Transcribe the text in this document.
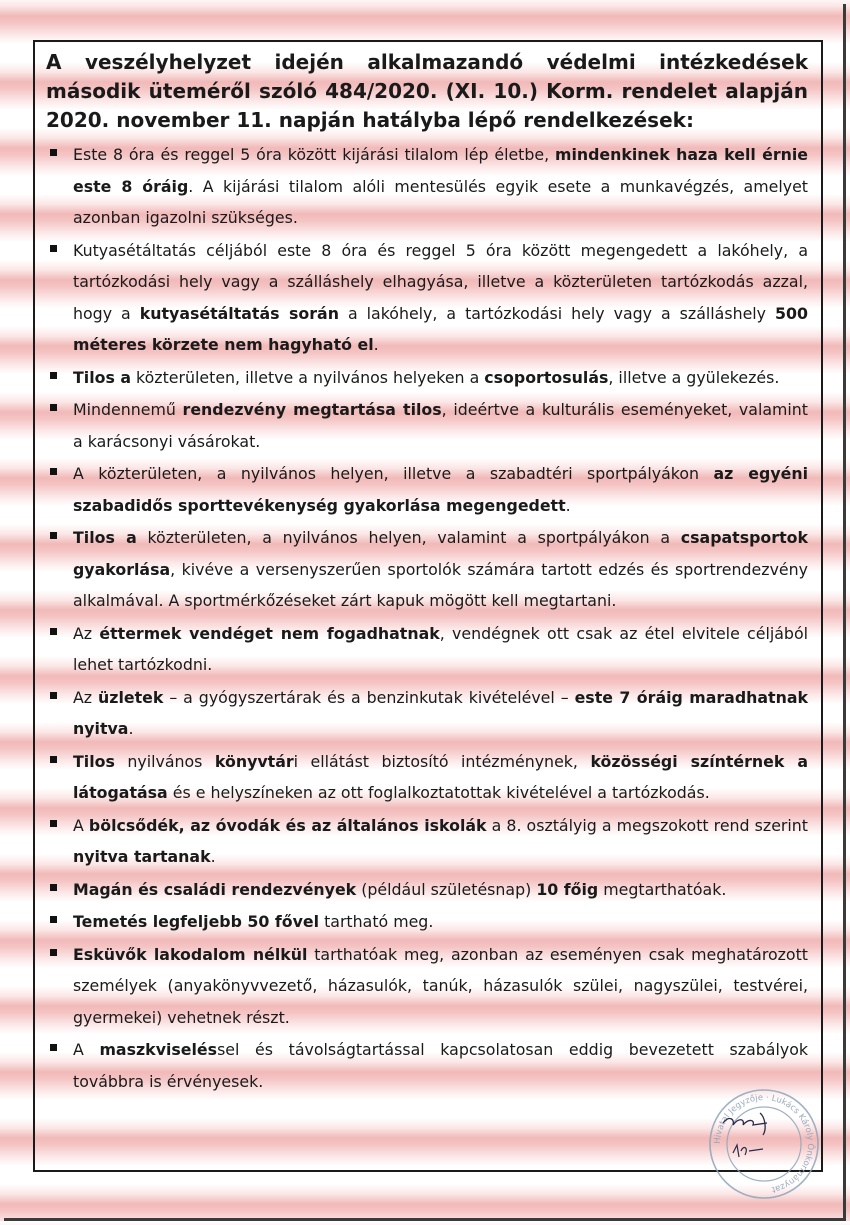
A veszélyhelyzet idején alkalmazandó védelmi intézkedések második üteméről szóló 484/2020. (XI. 10.) Korm. rendelet alapján 2020. november 11. napján hatályba lépő rendelkezések:

Este 8 óra és reggel 5 óra között kijárási tilalom lép életbe, mindenkinek haza kell érnie este 8 óráig. A kijárási tilalom alóli mentesülés egyik esete a munkavégzés, amelyet azonban igazolni szükséges.
Kutyasétáltatás céljából este 8 óra és reggel 5 óra között megengedett a lakóhely, a tartózkodási hely vagy a szálláshely elhagyása, illetve a közterületen tartózkodás azzal, hogy a kutyasétáltatás során a lakóhely, a tartózkodási hely vagy a szálláshely 500 méteres körzete nem hagyható el.
Tilos a közterületen, illetve a nyilvános helyeken a csoportosulás, illetve a gyülekezés.
Mindennemű rendezvény megtartása tilos, ideértve a kulturális eseményeket, valamint a karácsonyi vásárokat.
A közterületen, a nyilvános helyen, illetve a szabadtéri sportpályákon az egyéni szabadidős sporttevékenység gyakorlása megengedett.
Tilos a közterületen, a nyilvános helyen, valamint a sportpályákon a csapatsportok gyakorlása, kivéve a versenyszerűen sportolók számára tartott edzés és sportrendezvény alkalmával. A sportmérkőzéseket zárt kapuk mögött kell megtartani.
Az éttermek vendéget nem fogadhatnak, vendégnek ott csak az étel elvitele céljából lehet tartózkodni.
Az üzletek – a gyógyszertárak és a benzinkutak kivételével – este 7 óráig maradhatnak nyitva.
Tilos nyilvános könyvtári ellátást biztosító intézménynek, közösségi színtérnek a látogatása és e helyszíneken az ott foglalkoztatottak kivételével a tartózkodás.
A bölcsődék, az óvodák és az általános iskolák a 8. osztályig a megszokott rend szerint nyitva tartanak.
Magán és családi rendezvények (például születésnap) 10 főig megtarthatóak.
Temetés legfeljebb 50 fővel tartható meg.
Esküvők lakodalom nélkül tarthatóak meg, azonban az eseményen csak meghatározott személyek (anyakönyvvezető, házasulók, tanúk, házasulók szülei, nagyszülei, testvérei, gyermekei) vehetnek részt.
A maszkviseléssel és távolságtartással kapcsolatosan eddig bevezetett szabályok továbbra is érvényesek.
Hivatal Jegyzője · Lukács Károly Önkormányzat
